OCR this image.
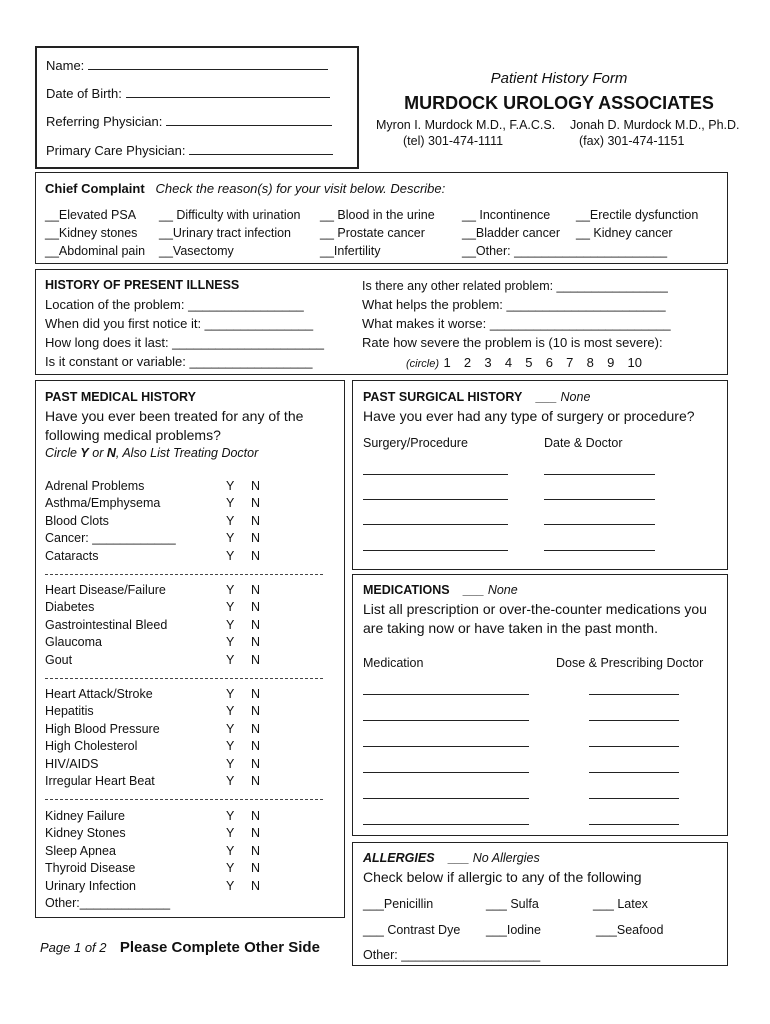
Name:
Date of Birth:
Referring Physician:
Primary Care Physician:
Patient History Form
MURDOCK UROLOGY ASSOCIATES
Myron I. Murdock M.D., F.A.C.S. Jonah D. Murdock M.D., Ph.D.
(tel) 301-474-1111	(fax) 301-474-1151
Chief Complaint Check the reason(s) for your visit below. Describe:
__Elevated PSA __ Difficulty with urination __ Blood in the urine __ Incontinence __Erectile dysfunction
__Kidney stones __Urinary tract infection __ Prostate cancer	__Bladder cancer __ Kidney cancer
__Abdominal pain __Vasectomy	__Infertility	__Other: ______________________
HISTORY OF PRESENT ILLNESS
Location of the problem: ________________
When did you first notice it: _______________
How long does it last: _____________________
Is it constant or variable: _________________
Is there any other related problem: ________________
What helps the problem: ______________________
What makes it worse: _________________________
Rate how severe the problem is (10 is most severe):
(circle) 1  2  3  4  5  6  7  8  9  10
PAST MEDICAL HISTORY
Have you ever been treated for any of the
following medical problems?
Circle Y or N, Also List Treating Doctor
Adrenal Problems	Y N
Asthma/Emphysema	Y N
Blood Clots	Y N
Cancer: ____________	Y N
Cataracts	Y N
Heart Disease/Failure	Y N
Diabetes	Y N
Gastrointestinal Bleed	Y N
Glaucoma	Y N
Gout	Y N
Heart Attack/Stroke	Y N
Hepatitis	Y N
High Blood Pressure	Y N
High Cholesterol	Y N
HIV/AIDS	Y N
Irregular Heart Beat	Y N
Kidney Failure	Y N
Kidney Stones	Y N
Sleep Apnea	Y N
Thyroid Disease	Y N
Urinary Infection	Y N
Other:_____________
PAST SURGICAL HISTORY ___ None
Have you ever had any type of surgery or procedure?
Surgery/Procedure	Date & Doctor
MEDICATIONS ___ None
List all prescription or over-the-counter medications you
are taking now or have taken in the past month.
Medication	Dose & Prescribing Doctor
ALLERGIES ___ No Allergies
Check below if allergic to any of the following
___Penicillin	___ Sulfa	___ Latex
___ Contrast Dye ___Iodine	___Seafood
Other: ____________________
Page 1 of 2 Please Complete Other Side
